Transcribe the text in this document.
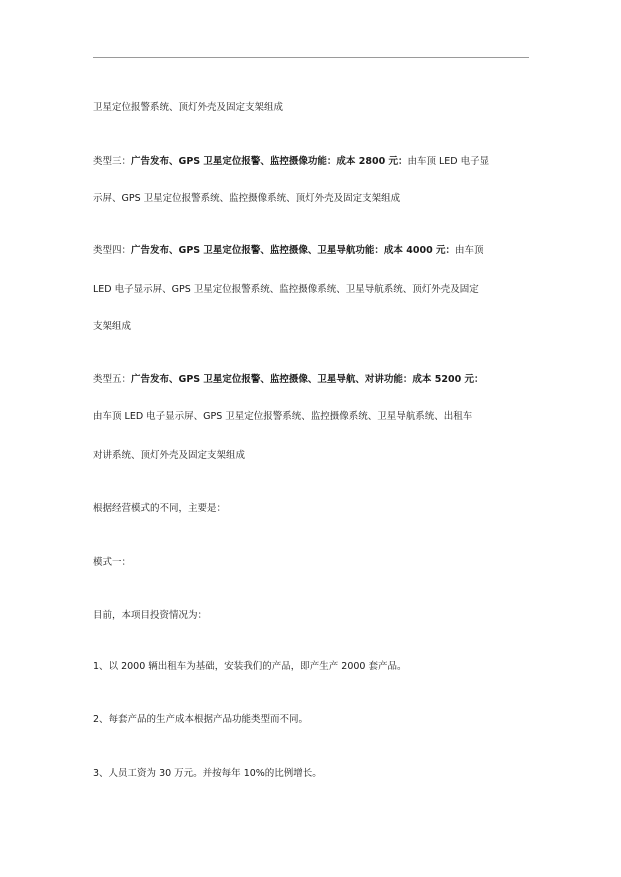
卫星定位报警系统、顶灯外壳及固定支架组成
类型三：广告发布、GPS 卫星定位报警、监控摄像功能：成本 2800 元：由车顶 LED 电子显
示屏、GPS 卫星定位报警系统、监控摄像系统、顶灯外壳及固定支架组成
类型四：广告发布、GPS 卫星定位报警、监控摄像、卫星导航功能：成本 4000 元：由车顶
LED 电子显示屏、GPS 卫星定位报警系统、监控摄像系统、卫星导航系统、顶灯外壳及固定
支架组成
类型五：广告发布、GPS 卫星定位报警、监控摄像、卫星导航、对讲功能：成本 5200 元：
由车顶 LED 电子显示屏、GPS 卫星定位报警系统、监控摄像系统、卫星导航系统、出租车
对讲系统、顶灯外壳及固定支架组成
根据经营模式的不同，主要是：
模式一：
目前，本项目投资情况为：
1、以 2000 辆出租车为基础，安装我们的产品，即产生产 2000 套产品。
2、每套产品的生产成本根据产品功能类型而不同。
3、人员工资为 30 万元。并按每年 10%的比例增长。
